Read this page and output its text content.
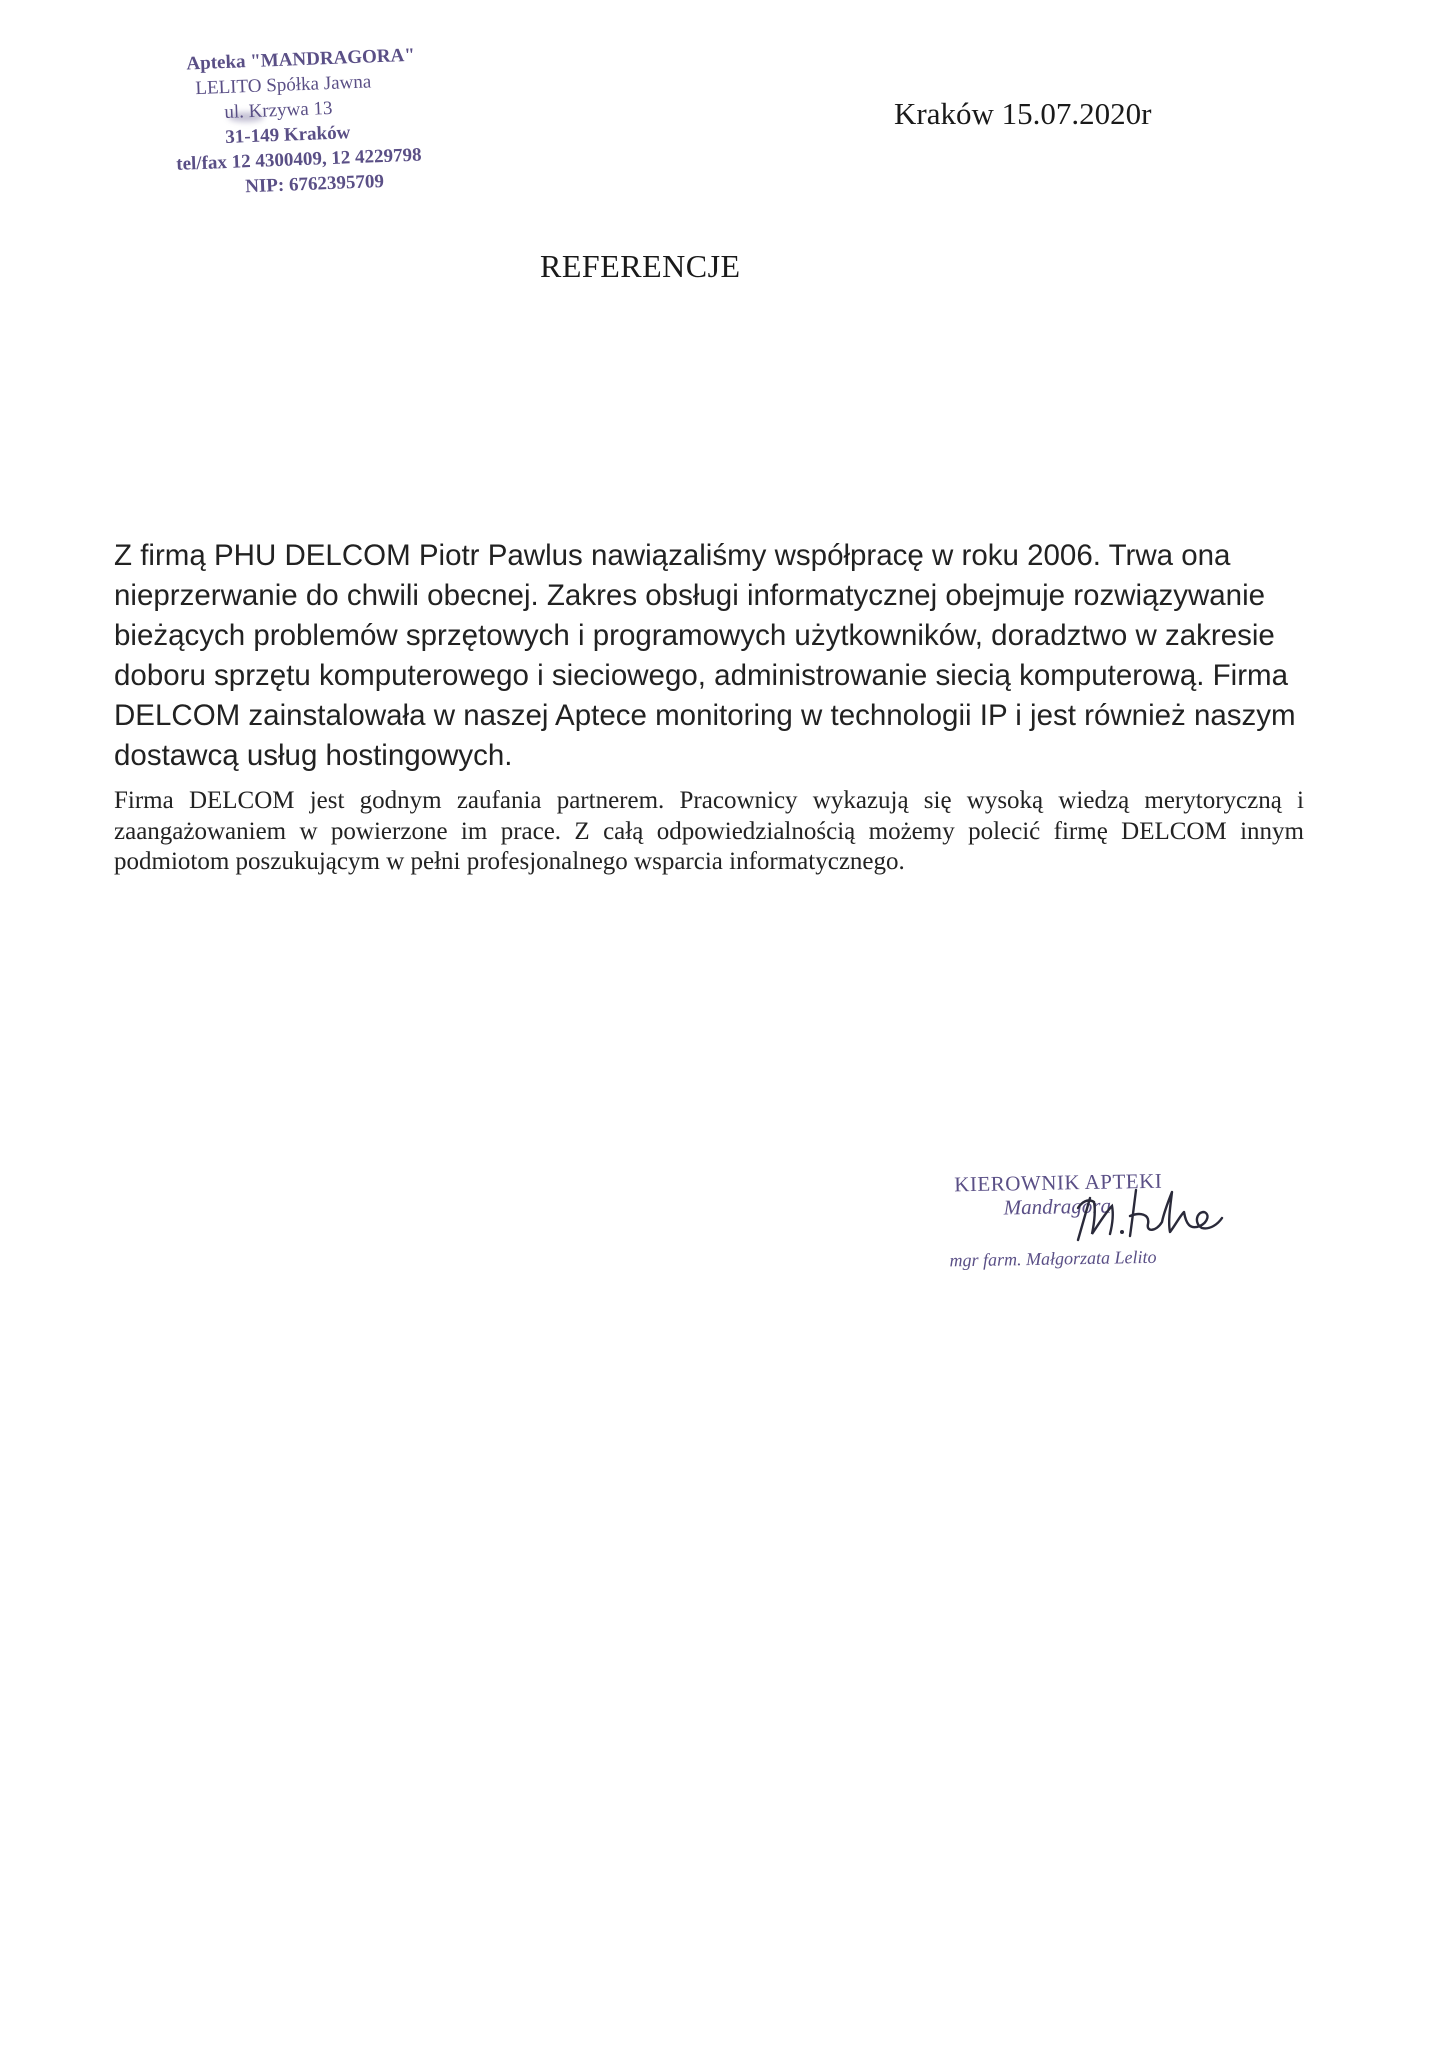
Apteka "MANDRAGORA"
LELITO Spółka Jawna
ul. Krzywa 13
31-149 Kraków
tel/fax 12 4300409, 12 4229798
NIP: 6762395709
Kraków 15.07.2020r
REFERENCJE
Z firmą PHU DELCOM Piotr Pawlus nawiązaliśmy współpracę w roku 2006. Trwa ona nieprzerwanie do chwili obecnej. Zakres obsługi informatycznej obejmuje rozwiązywanie bieżących problemów sprzętowych i programowych użytkowników, doradztwo w zakresie doboru sprzętu komputerowego i sieciowego, administrowanie siecią komputerową. Firma DELCOM zainstalowała w naszej Aptece monitoring w technologii IP i jest również naszym dostawcą usług hostingowych.
Firma DELCOM jest godnym zaufania partnerem. Pracownicy wykazują się wysoką wiedzą merytoryczną i zaangażowaniem w powierzone im prace. Z całą odpowiedzialnością możemy polecić firmę DELCOM innym podmiotom poszukującym w pełni profesjonalnego wsparcia informatycznego.
KIEROWNIK APTEKI
Mandragora
mgr farm. Małgorzata Lelito
